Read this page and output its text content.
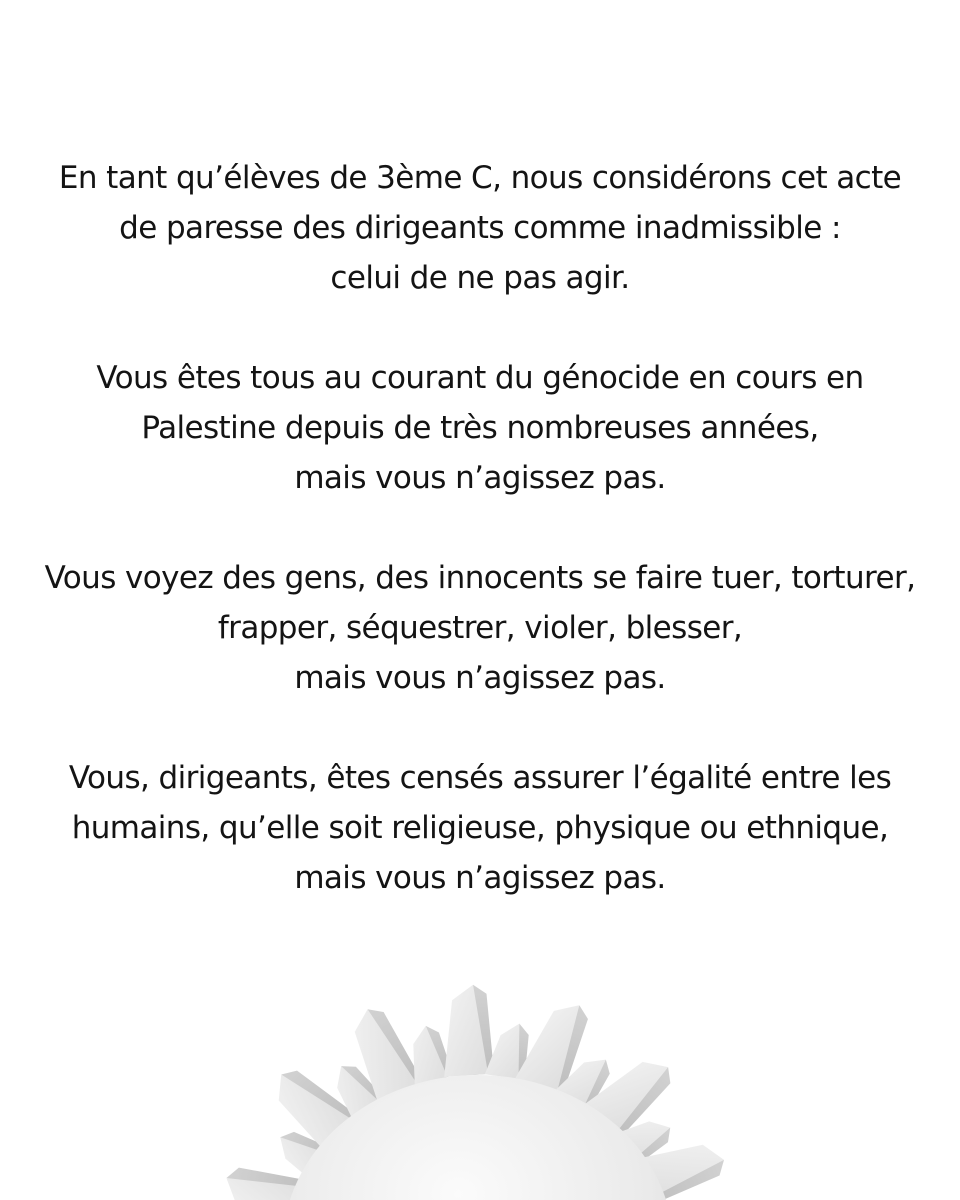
En tant qu’élèves de 3ème C, nous considérons cet acte
de paresse des dirigeants comme inadmissible :
celui de ne pas agir.

Vous êtes tous au courant du génocide en cours en
Palestine depuis de très nombreuses années,
mais vous n’agissez pas.

Vous voyez des gens, des innocents se faire tuer, torturer,
frapper, séquestrer, violer, blesser,
mais vous n’agissez pas.

Vous, dirigeants, êtes censés assurer l’égalité entre les
humains, qu’elle soit religieuse, physique ou ethnique,
mais vous n’agissez pas.
